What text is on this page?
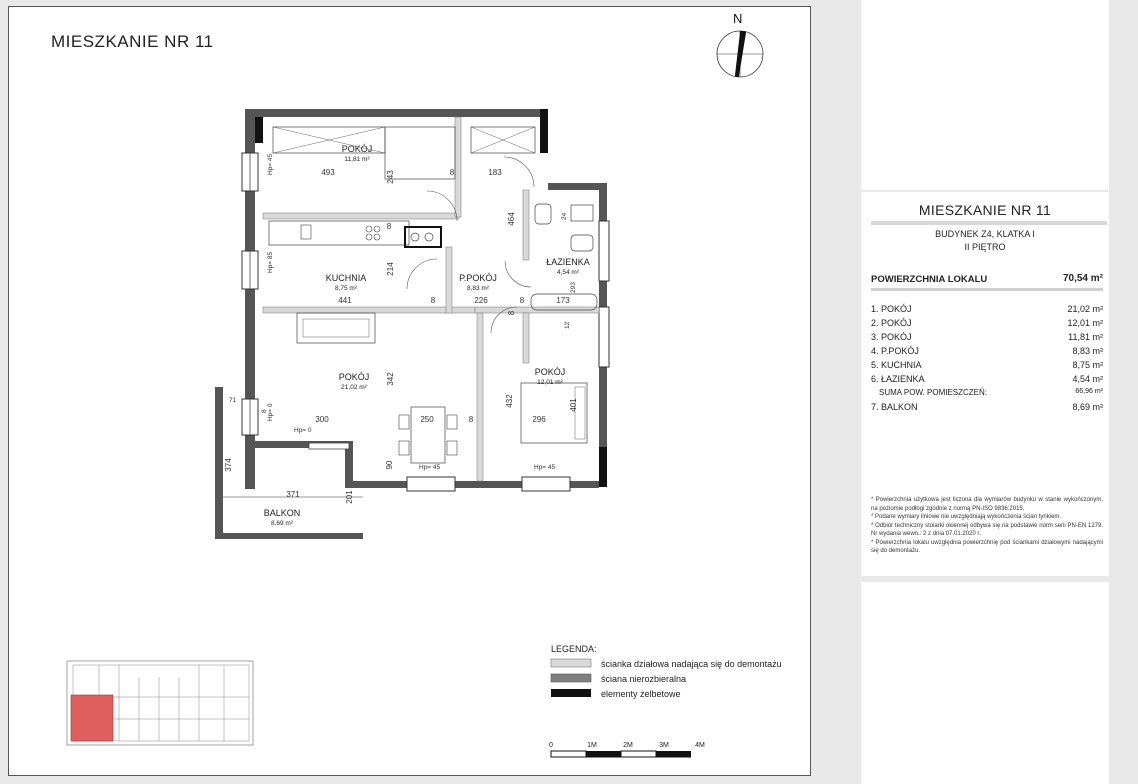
MIESZKANIE NR 11
N
POKÓJ
11,81 m²
KUCHNIA
8,75 m²
P.POKÓJ
8,83 m²
ŁAZIENKA
4,54 m²
POKÓJ
21,02 m²
POKÓJ
12,01 m²
BALKON
8,69 m²
493	243	8	183
464	24
214
441	8	226	8	173
293
12
342
300	250	8
432	401
296
90
71
374
371	201
8
8
8
Hp= 45
Hp= 85
Hp= 0
Hp= 0
Hp= 45	Hp= 45
LEGENDA:
ścianka działowa nadająca się do demontażu
ściana nierozbieralna
elementy żelbetowe
0	1M	2M	3M	4M
MIESZKANIE NR 11
BUDYNEK Z4, KLATKA I
II PIĘTRO
POWIERZCHNIA LOKALU	70,54 m²
1. POKÓJ	21,02 m²
2. POKÓJ	12,01 m²
3. POKÓJ	11,81 m²
4. P.POKÓJ	8,83 m²
5. KUCHNIA	8,75 m²
6. ŁAZIENKA	4,54 m²
SUMA POW. POMIESZCZEŃ:	66,96 m²
7. BALKON	8,69 m²

* Powierzchnia użytkowa jest liczona dla wymiarów budynku w stanie wykończonym, na poziomie podłogi zgodnie z normą PN-ISO 9836:2015.

* Podane wymiary liniowe nie uwzględniają wykończenia ścian tynkiem.

* Odbiór techniczny stolarki okiennej odbywa się na podstawie norm serii PN-EN 1279. Nr wydania wewn.: 2 z dnia 07.01.2020 r.

* Powierzchnia lokalu uwzględnia powierzchnię pod ściankami działowymi nadającymi się do demontażu.
